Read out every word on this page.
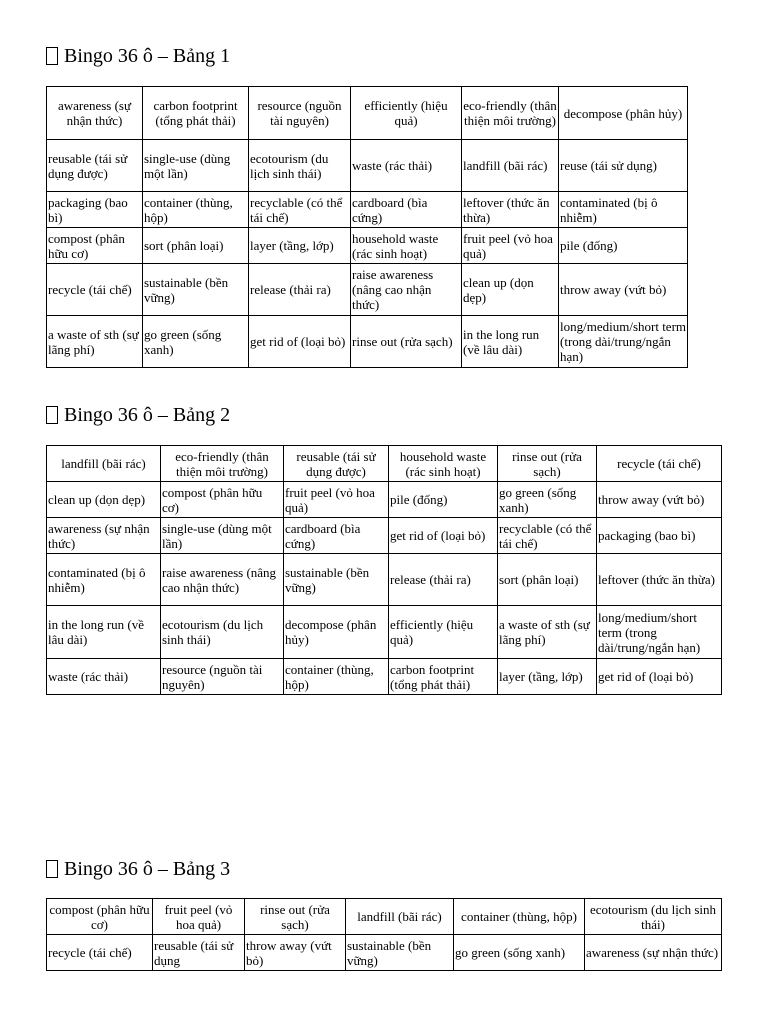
Bingo 36 ô – Bảng 1
awareness (sự nhận thức)	carbon footprint (tổng phát thải)	resource (nguồn tài nguyên)	efficiently (hiệu quả)	eco-friendly (thân thiện môi trường)	decompose (phân hủy)
reusable (tái sử dụng được)	single-use (dùng một lần)	ecotourism (du lịch sinh thái)	waste (rác thải)	landfill (bãi rác)	reuse (tái sử dụng)
packaging (bao bì)	container (thùng, hộp)	recyclable (có thể tái chế)	cardboard (bìa cứng)	leftover (thức ăn thừa)	contaminated (bị ô nhiễm)
compost (phân hữu cơ)	sort (phân loại)	layer (tầng, lớp)	household waste (rác sinh hoạt)	fruit peel (vỏ hoa quả)	pile (đống)
recycle (tái chế)	sustainable (bền vững)	release (thải ra)	raise awareness (nâng cao nhận thức)	clean up (dọn dẹp)	throw away (vứt bỏ)
a waste of sth (sự lãng phí)	go green (sống xanh)	get rid of (loại bỏ)	rinse out (rửa sạch)	in the long run (về lâu dài)	long/medium/short term (trong dài/trung/ngắn hạn)
Bingo 36 ô – Bảng 2
landfill (bãi rác)	eco-friendly (thân thiện môi trường)	reusable (tái sử dụng được)	household waste (rác sinh hoạt)	rinse out (rửa sạch)	recycle (tái chế)
clean up (dọn dẹp)	compost (phân hữu cơ)	fruit peel (vỏ hoa quả)	pile (đống)	go green (sống xanh)	throw away (vứt bỏ)
awareness (sự nhận thức)	single-use (dùng một lần)	cardboard (bìa cứng)	get rid of (loại bỏ)	recyclable (có thể tái chế)	packaging (bao bì)
contaminated (bị ô nhiễm)	raise awareness (nâng cao nhận thức)	sustainable (bền vững)	release (thải ra)	sort (phân loại)	leftover (thức ăn thừa)
in the long run (về lâu dài)	ecotourism (du lịch sinh thái)	decompose (phân hủy)	efficiently (hiệu quả)	a waste of sth (sự lãng phí)	long/medium/short term (trong dài/trung/ngắn hạn)
waste (rác thải)	resource (nguồn tài nguyên)	container (thùng, hộp)	carbon footprint (tổng phát thải)	layer (tầng, lớp)	get rid of (loại bỏ)
Bingo 36 ô – Bảng 3
compost (phân hữu cơ)	fruit peel (vỏ hoa quả)	rinse out (rửa sạch)	landfill (bãi rác)	container (thùng, hộp)	ecotourism (du lịch sinh thái)
recycle (tái chế)	reusable (tái sử dụng	throw away (vứt bỏ)	sustainable (bền vững)	go green (sống xanh)	awareness (sự nhận thức)
